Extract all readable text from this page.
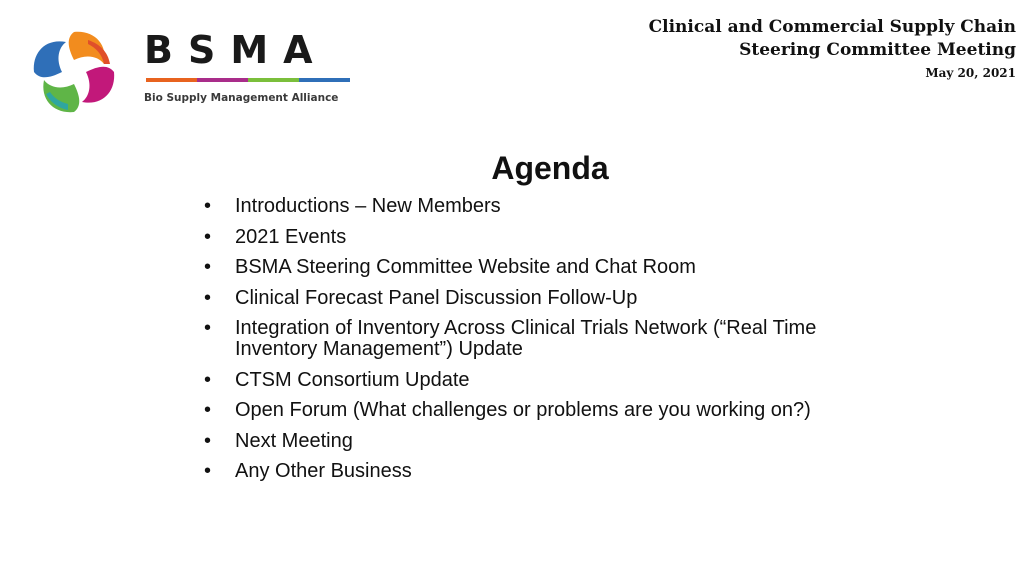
BSMA
Bio Supply Management Alliance
Clinical and Commercial Supply Chain
Steering Committee Meeting
May 20, 2021
Agenda
• Introductions – New Members
• 2021 Events
• BSMA Steering Committee Website and Chat Room
• Clinical Forecast Panel Discussion Follow-Up
• Integration of Inventory Across Clinical Trials Network (“Real Time Inventory Management”) Update
• CTSM Consortium Update
• Open Forum (What challenges or problems are you working on?)
• Next Meeting
• Any Other Business
